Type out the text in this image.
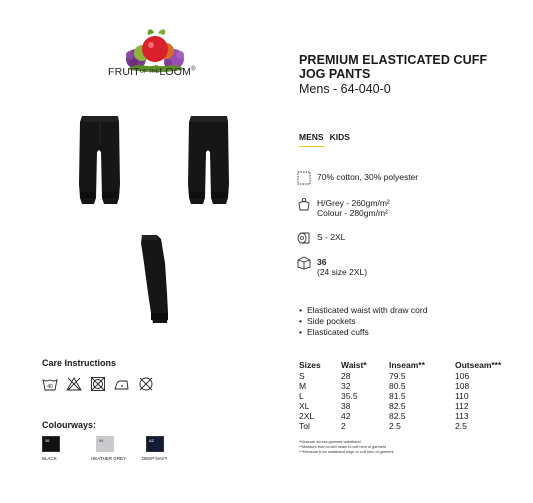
FRUITOF THELOOM®
PREMIUM ELASTICATED CUFF
JOG PANTS
Mens - 64-040-0
MENS KIDS
70% cotton, 30% polyester
H/Grey - 260gm/m²
Colour - 280gm/m²
S - 2XL
36
(24 size 2XL)
• Elasticated waist with draw cord
• Side pockets
• Elasticated cuffs
Care Instructions
40
Colourways:
36
BLACK
94
HEATHER GREY
AZ
DEEP NAVY
Sizes	Waist*	Inseam**	Outseam***
S	28	79.5	106
M	32	80.5	108
L	35.5	81.5	110
XL	38	82.5	112
2XL	42	82.5	113
Tol	2	2.5	2.5
*Measure across garment waistband
**Measure from crotch seam to cuff hem of garment
***Measure from waistband edge to cuff hem of garment
